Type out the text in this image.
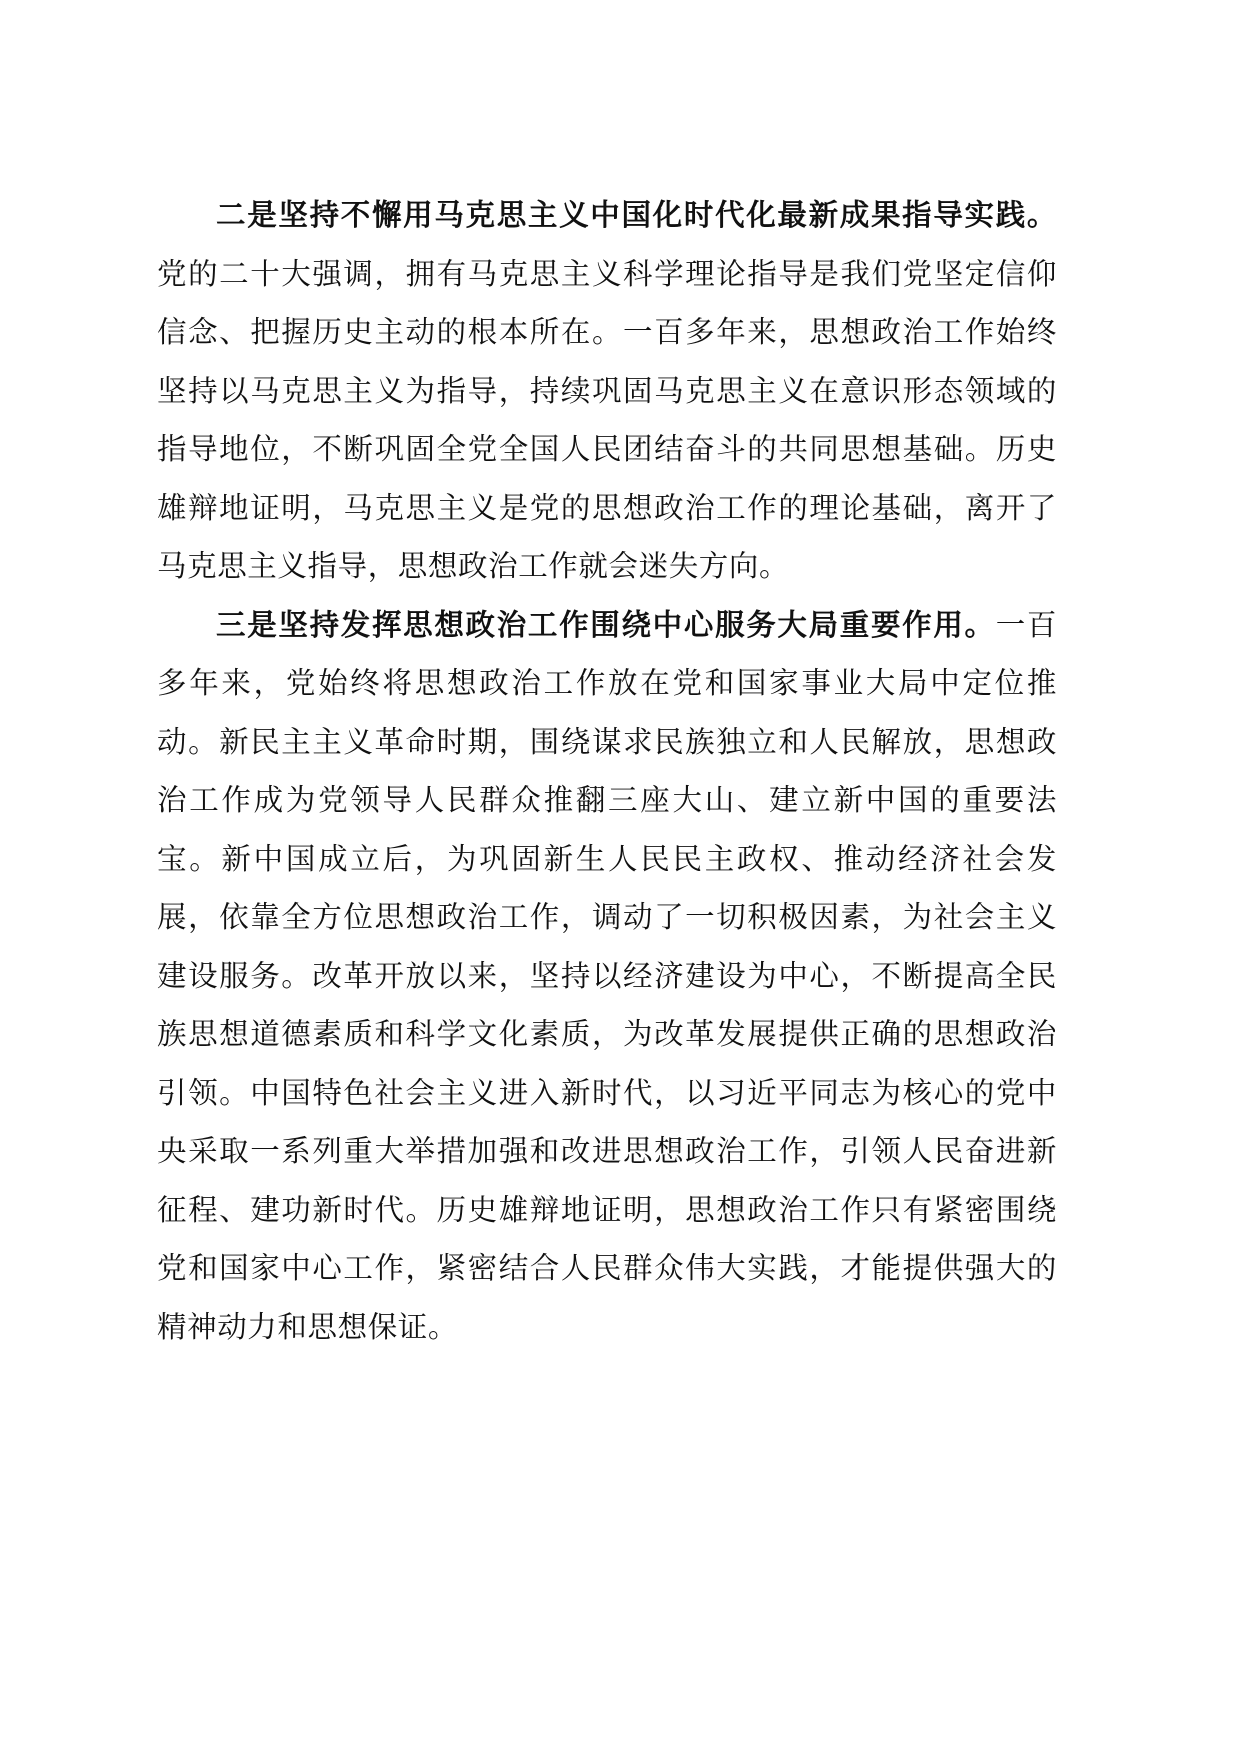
二是坚持不懈用马克思主义中国化时代化最新成果指导实践。党的二十大强调，拥有马克思主义科学理论指导是我们党坚定信仰信念、把握历史主动的根本所在。一百多年来，思想政治工作始终坚持以马克思主义为指导，持续巩固马克思主义在意识形态领域的指导地位，不断巩固全党全国人民团结奋斗的共同思想基础。历史雄辩地证明，马克思主义是党的思想政治工作的理论基础，离开了马克思主义指导，思想政治工作就会迷失方向。

三是坚持发挥思想政治工作围绕中心服务大局重要作用。一百多年来，党始终将思想政治工作放在党和国家事业大局中定位推动。新民主主义革命时期，围绕谋求民族独立和人民解放，思想政治工作成为党领导人民群众推翻三座大山、建立新中国的重要法宝。新中国成立后，为巩固新生人民民主政权、推动经济社会发展，依靠全方位思想政治工作，调动了一切积极因素，为社会主义建设服务。改革开放以来，坚持以经济建设为中心，不断提高全民族思想道德素质和科学文化素质，为改革发展提供正确的思想政治引领。中国特色社会主义进入新时代，以习近平同志为核心的党中央采取一系列重大举措加强和改进思想政治工作，引领人民奋进新征程、建功新时代。历史雄辩地证明，思想政治工作只有紧密围绕党和国家中心工作，紧密结合人民群众伟大实践，才能提供强大的精神动力和思想保证。
